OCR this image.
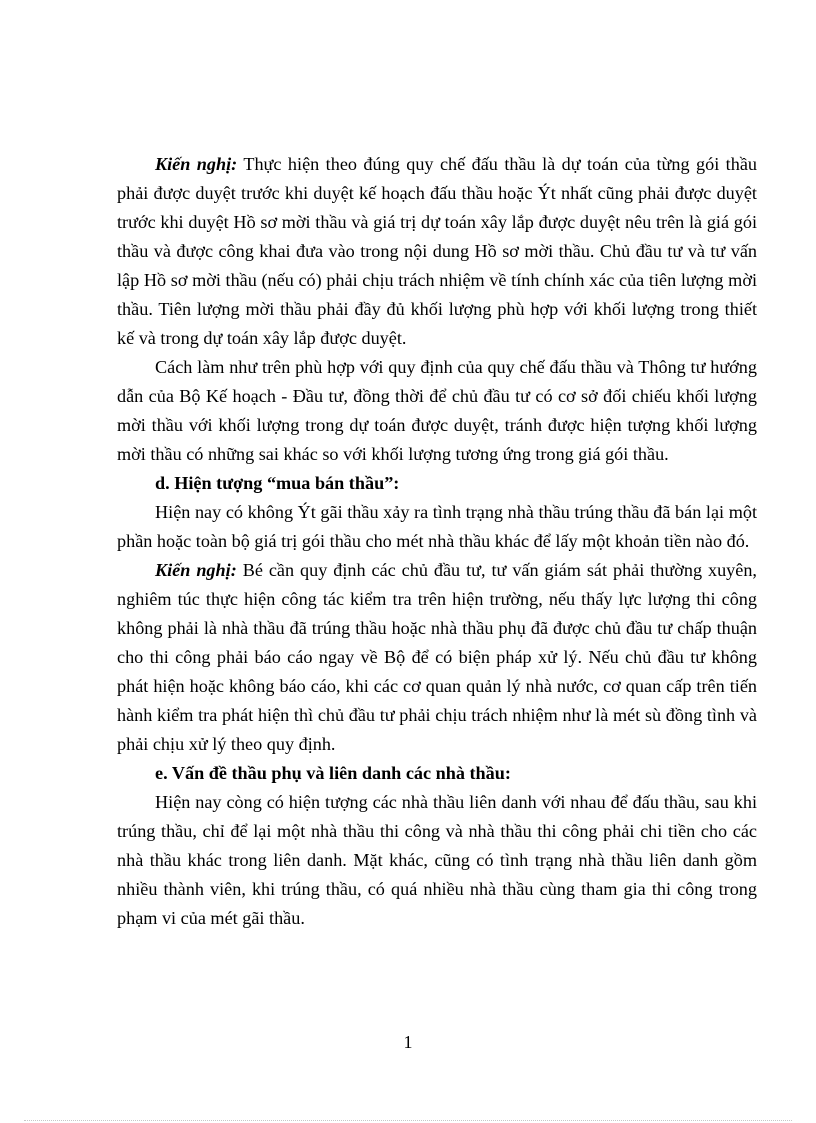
Kiến nghị: Thực hiện theo đúng quy chế đấu thầu là dự toán của từng gói thầu phải được duyệt trước khi duyệt kế hoạch đấu thầu hoặc Ýt nhất cũng phải được duyệt trước khi duyệt Hồ sơ mời thầu và giá trị dự toán xây lắp được duyệt nêu trên là giá gói thầu và được công khai đưa vào trong nội dung Hồ sơ mời thầu. Chủ đầu tư và tư vấn lập Hồ sơ mời thầu (nếu có) phải chịu trách nhiệm về tính chính xác của tiên lượng mời thầu. Tiên lượng mời thầu phải đầy đủ khối lượng phù hợp với khối lượng trong thiết kế và trong dự toán xây lắp được duyệt.

Cách làm như trên phù hợp với quy định của quy chế đấu thầu và Thông tư hướng dẫn của Bộ Kế hoạch - Đầu tư, đồng thời để chủ đầu tư có cơ sở đối chiếu khối lượng mời thầu với khối lượng trong dự toán được duyệt, tránh được hiện tượng khối lượng mời thầu có những sai khác so với khối lượng tương ứng trong giá gói thầu.

d. Hiện tượng “mua bán thầu”:

Hiện nay có không Ýt gãi thầu xảy ra tình trạng nhà thầu trúng thầu đã bán lại một phần hoặc toàn bộ giá trị gói thầu cho mét nhà thầu khác để lấy một khoản tiền nào đó.

Kiến nghị: Bé cần quy định các chủ đầu tư, tư vấn giám sát phải thường xuyên, nghiêm túc thực hiện công tác kiểm tra trên hiện trường, nếu thấy lực lượng thi công không phải là nhà thầu đã trúng thầu hoặc nhà thầu phụ đã được chủ đầu tư chấp thuận cho thi công phải báo cáo ngay về Bộ để có biện pháp xử lý. Nếu chủ đầu tư không phát hiện hoặc không báo cáo, khi các cơ quan quản lý nhà nước, cơ quan cấp trên tiến hành kiểm tra phát hiện thì chủ đầu tư phải chịu trách nhiệm như là mét sù đồng tình và phải chịu xử lý theo quy định.

e. Vấn đề thầu phụ và liên danh các nhà thầu:

Hiện nay còng có hiện tượng các nhà thầu liên danh với nhau để đấu thầu, sau khi trúng thầu, chỉ để lại một nhà thầu thi công và nhà thầu thi công phải chi tiền cho các nhà thầu khác trong liên danh. Mặt khác, cũng có tình trạng nhà thầu liên danh gồm nhiều thành viên, khi trúng thầu, có quá nhiều nhà thầu cùng tham gia thi công trong phạm vi của mét gãi thầu.

1
